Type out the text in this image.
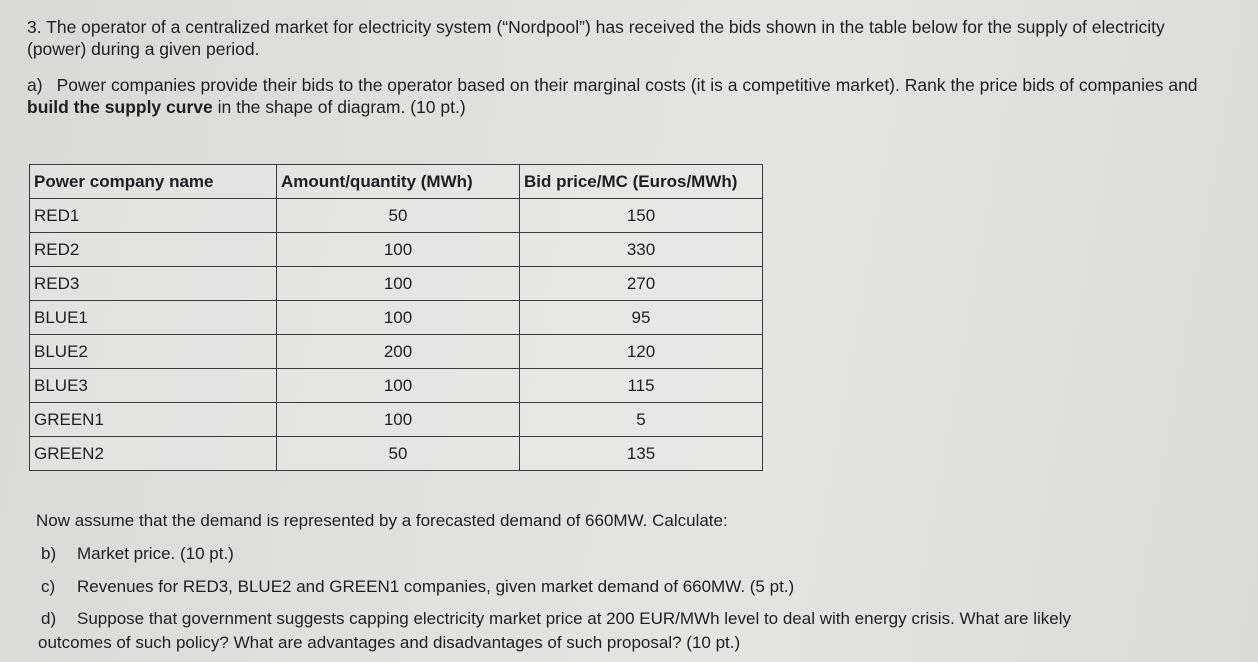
3. The operator of a centralized market for electricity system (“Nordpool”) has received the bids shown in the table below for the supply of electricity (power) during a given period.

a) Power companies provide their bids to the operator based on their marginal costs (it is a competitive market). Rank the price bids of companies and build the supply curve in the shape of diagram. (10 pt.)

Power company name	Amount/quantity (MWh)	Bid price/MC (Euros/MWh)
RED1	50	150
RED2	100	330
RED3	100	270
BLUE1	100	95
BLUE2	200	120
BLUE3	100	115
GREEN1	100	5
GREEN2	50	135

Now assume that the demand is represented by a forecasted demand of 660MW. Calculate:

b) Market price. (10 pt.)

c) Revenues for RED3, BLUE2 and GREEN1 companies, given market demand of 660MW. (5 pt.)

d) Suppose that government suggests capping electricity market price at 200 EUR/MWh level to deal with energy crisis. What are likely

outcomes of such policy? What are advantages and disadvantages of such proposal? (10 pt.)
